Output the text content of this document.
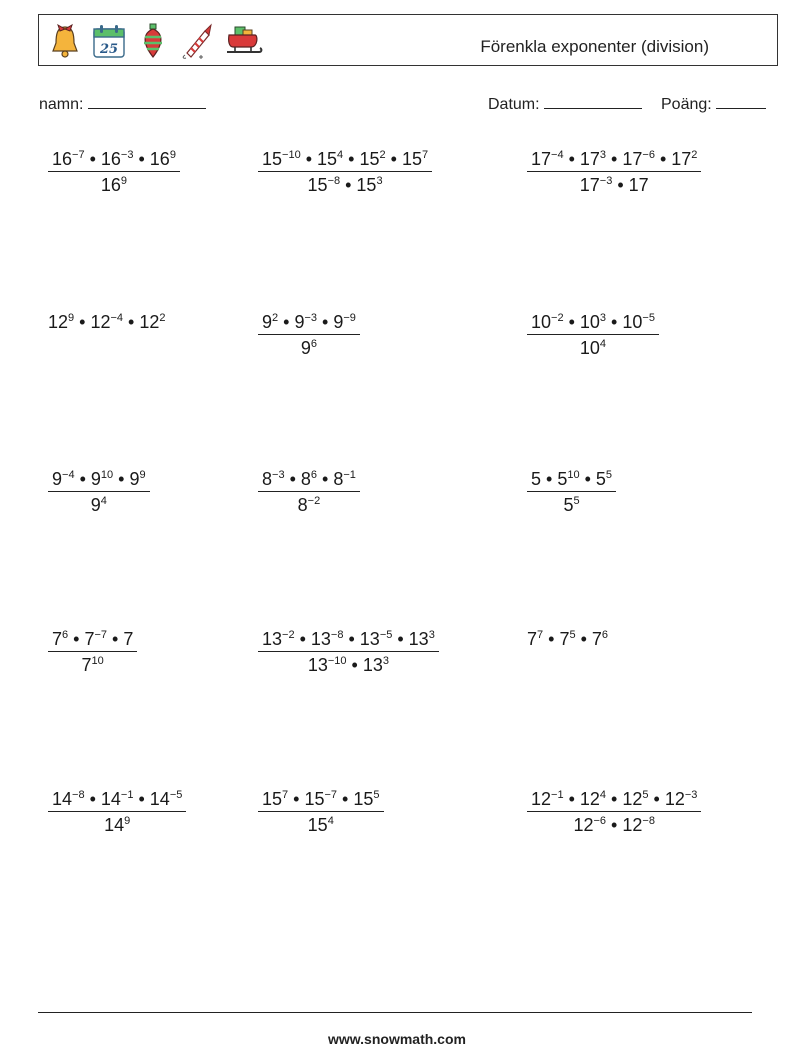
25	Förenkla exponenter (division)
namn:	Datum:	Poäng:
$\frac{16^{-7} • 16^{-3} • 16^9}{16^9}$	$\frac{15^{-10} • 15^4 • 15^2 • 15^7}{15^{-8} • 15^3}$	$\frac{17^{-4} • 17^3 • 17^{-6} • 17^2}{17^{-3} • 17}$
$12^9$ • $12^{-4}$ • $12^2$	$\frac{9^2 • 9^{-3} • 9^{-9}}{9^6}$	$\frac{10^{-2} • 10^3 • 10^{-5}}{10^4}$
$\frac{9^{-4} • 9^{10} • 9^9}{9^4}$	$\frac{8^{-3} • 8^6 • 8^{-1}}{8^{-2}}$	$\frac{5 • 5^{10} • 5^5}{5^5}$
$\frac{7^6 • 7^{-7} • 7}{7^{10}}$	$\frac{13^{-2} • 13^{-8} • 13^{-5} • 13^3}{13^{-10} • 13^3}$	$7^7$ • $7^5$ • $7^6$
$\frac{14^{-8} • 14^{-1} • 14^{-5}}{14^9}$	$\frac{15^7 • 15^{-7} • 15^5}{15^4}$	$\frac{12^{-1} • 12^4 • 12^5 • 12^{-3}}{12^{-6} • 12^{-8}}$
www.snowmath.com
